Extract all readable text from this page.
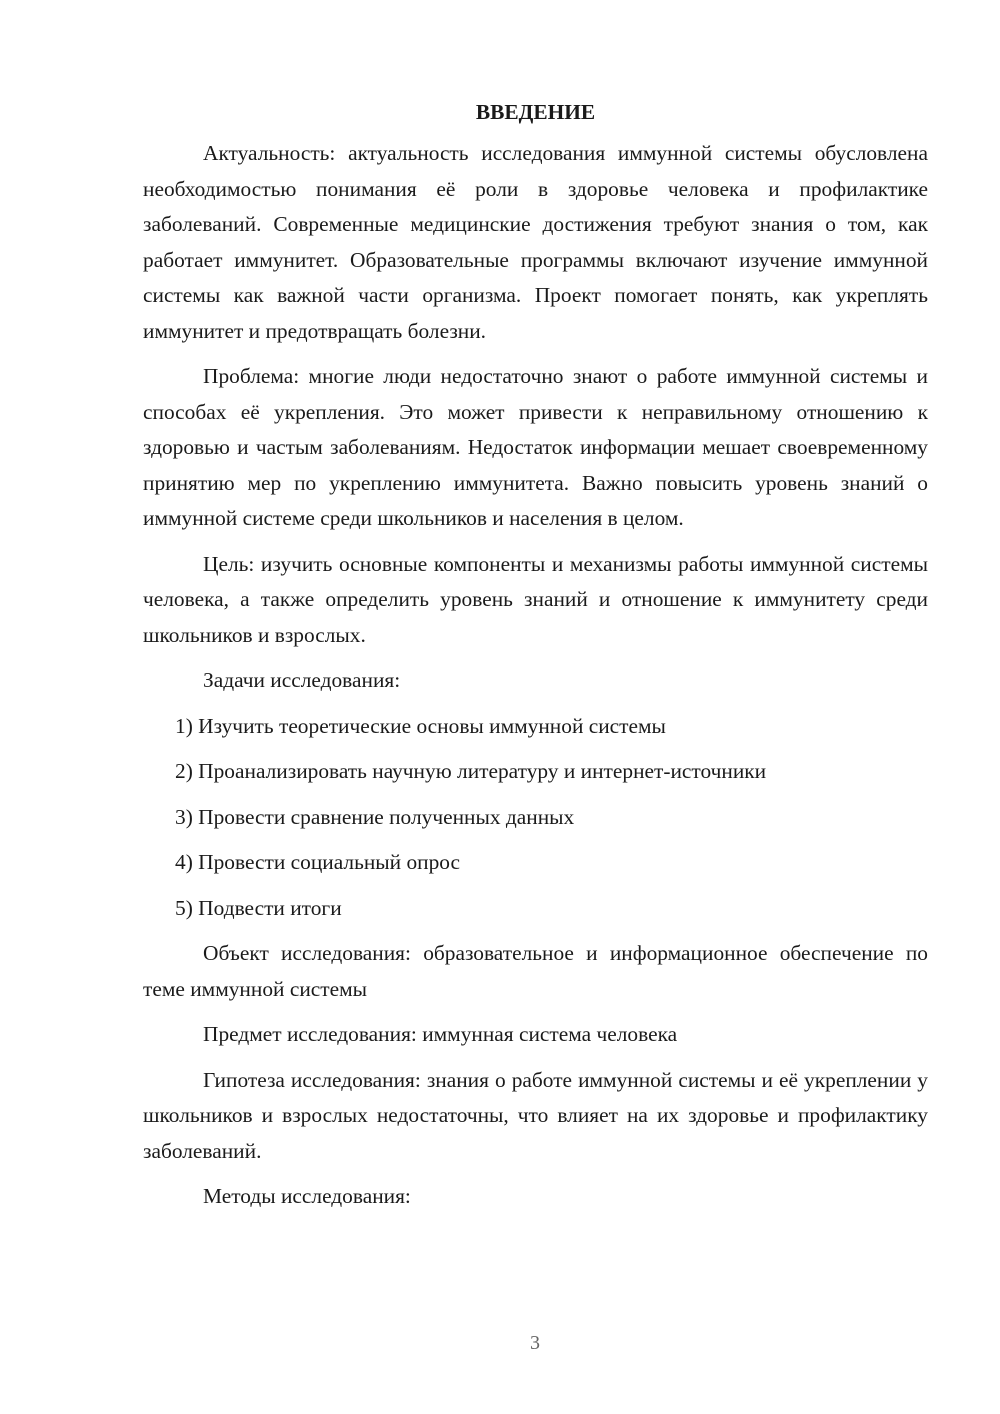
ВВЕДЕНИЕ

Актуальность: актуальность исследования иммунной системы обусловлена необходимостью понимания её роли в здоровье человека и профилактике заболеваний. Современные медицинские достижения требуют знания о том, как работает иммунитет. Образовательные программы включают изучение иммунной системы как важной части организма. Проект помогает понять, как укреплять иммунитет и предотвращать болезни.

Проблема: многие люди недостаточно знают о работе иммунной системы и способах её укрепления. Это может привести к неправильному отношению к здоровью и частым заболеваниям. Недостаток информации мешает своевременному принятию мер по укреплению иммунитета. Важно повысить уровень знаний о иммунной системе среди школьников и населения в целом.

Цель: изучить основные компоненты и механизмы работы иммунной системы человека, а также определить уровень знаний и отношение к иммунитету среди школьников и взрослых.

Задачи исследования:

1) Изучить теоретические основы иммунной системы
2) Проанализировать научную литературу и интернет-источники
3) Провести сравнение полученных данных
4) Провести социальный опрос
5) Подвести итоги

Объект исследования: образовательное и информационное обеспечение по теме иммунной системы

Предмет исследования: иммунная система человека

Гипотеза исследования: знания о работе иммунной системы и её укреплении у школьников и взрослых недостаточны, что влияет на их здоровье и профилактику заболеваний.

Методы исследования:

3
